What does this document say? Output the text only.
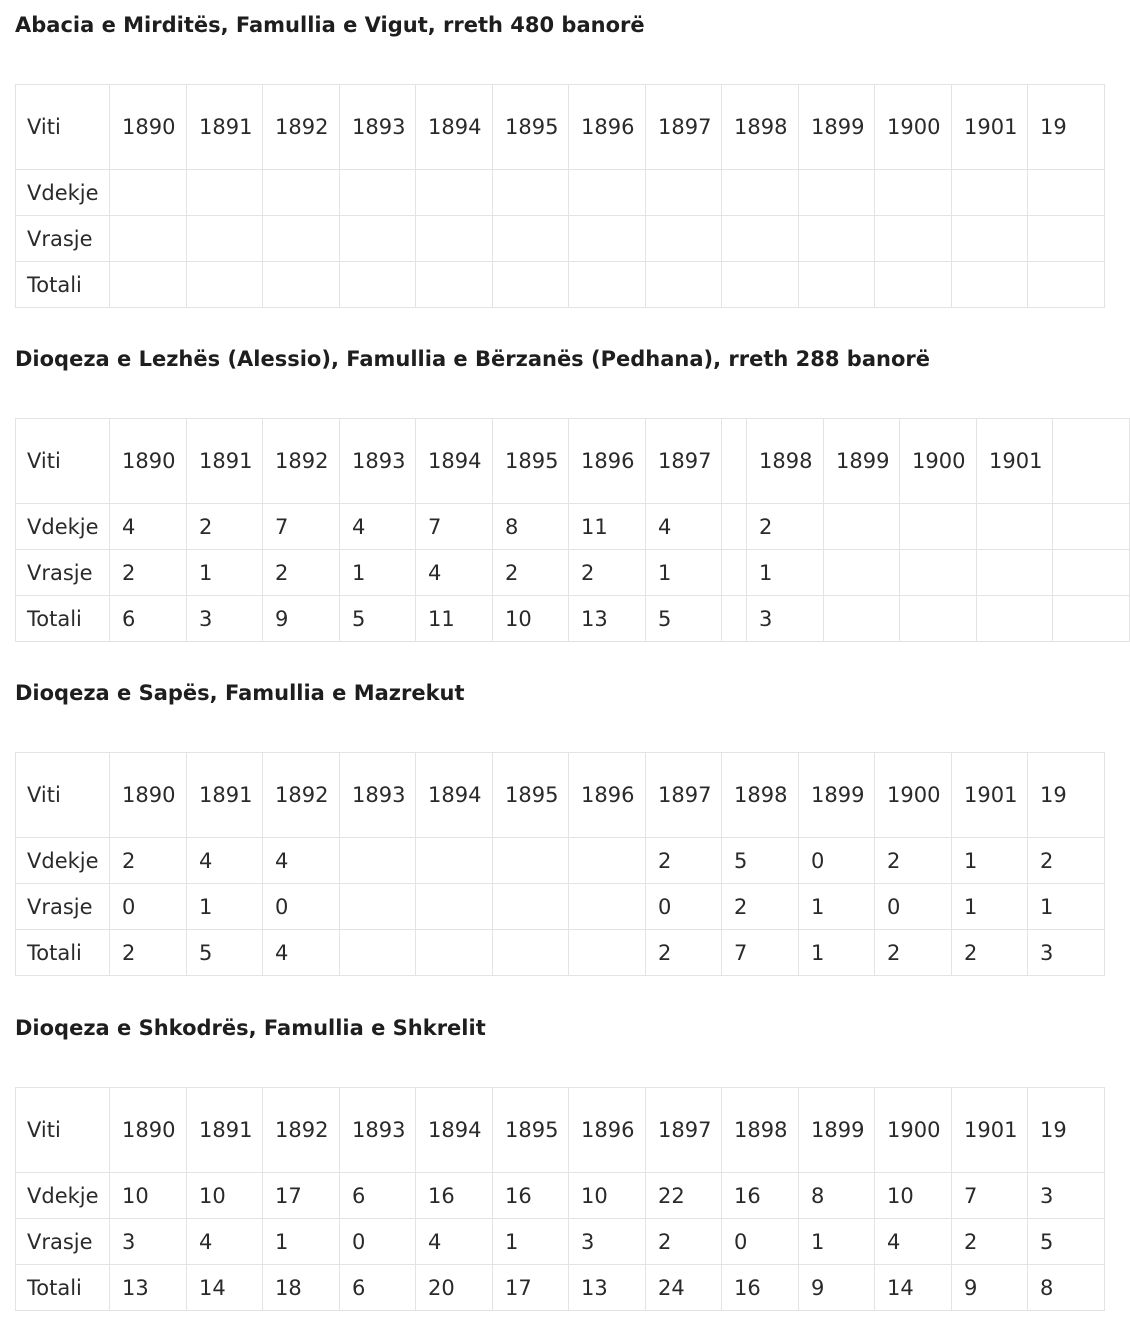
Abacia e Mirditës, Famullia e Vigut, rreth 480 banorë
Viti	1890	1891	1892	1893	1894	1895	1896	1897	1898	1899	1900	1901	19
Vdekje													
Vrasje													
Totali													
Dioqeza e Lezhës (Alessio), Famullia e Bërzanës (Pedhana), rreth 288 banorë
Viti	1890	1891	1892	1893	1894	1895	1896	1897		1898	1899	1900	1901	
Vdekje	4	2	7	4	7	8	11	4		2				
Vrasje	2	1	2	1	4	2	2	1		1				
Totali	6	3	9	5	11	10	13	5		3				
Dioqeza e Sapës, Famullia e Mazrekut
Viti	1890	1891	1892	1893	1894	1895	1896	1897	1898	1899	1900	1901	19
Vdekje	2	4	4					2	5	0	2	1	2
Vrasje	0	1	0					0	2	1	0	1	1
Totali	2	5	4					2	7	1	2	2	3
Dioqeza e Shkodrës, Famullia e Shkrelit
Viti	1890	1891	1892	1893	1894	1895	1896	1897	1898	1899	1900	1901	19
Vdekje	10	10	17	6	16	16	10	22	16	8	10	7	3
Vrasje	3	4	1	0	4	1	3	2	0	1	4	2	5
Totali	13	14	18	6	20	17	13	24	16	9	14	9	8
